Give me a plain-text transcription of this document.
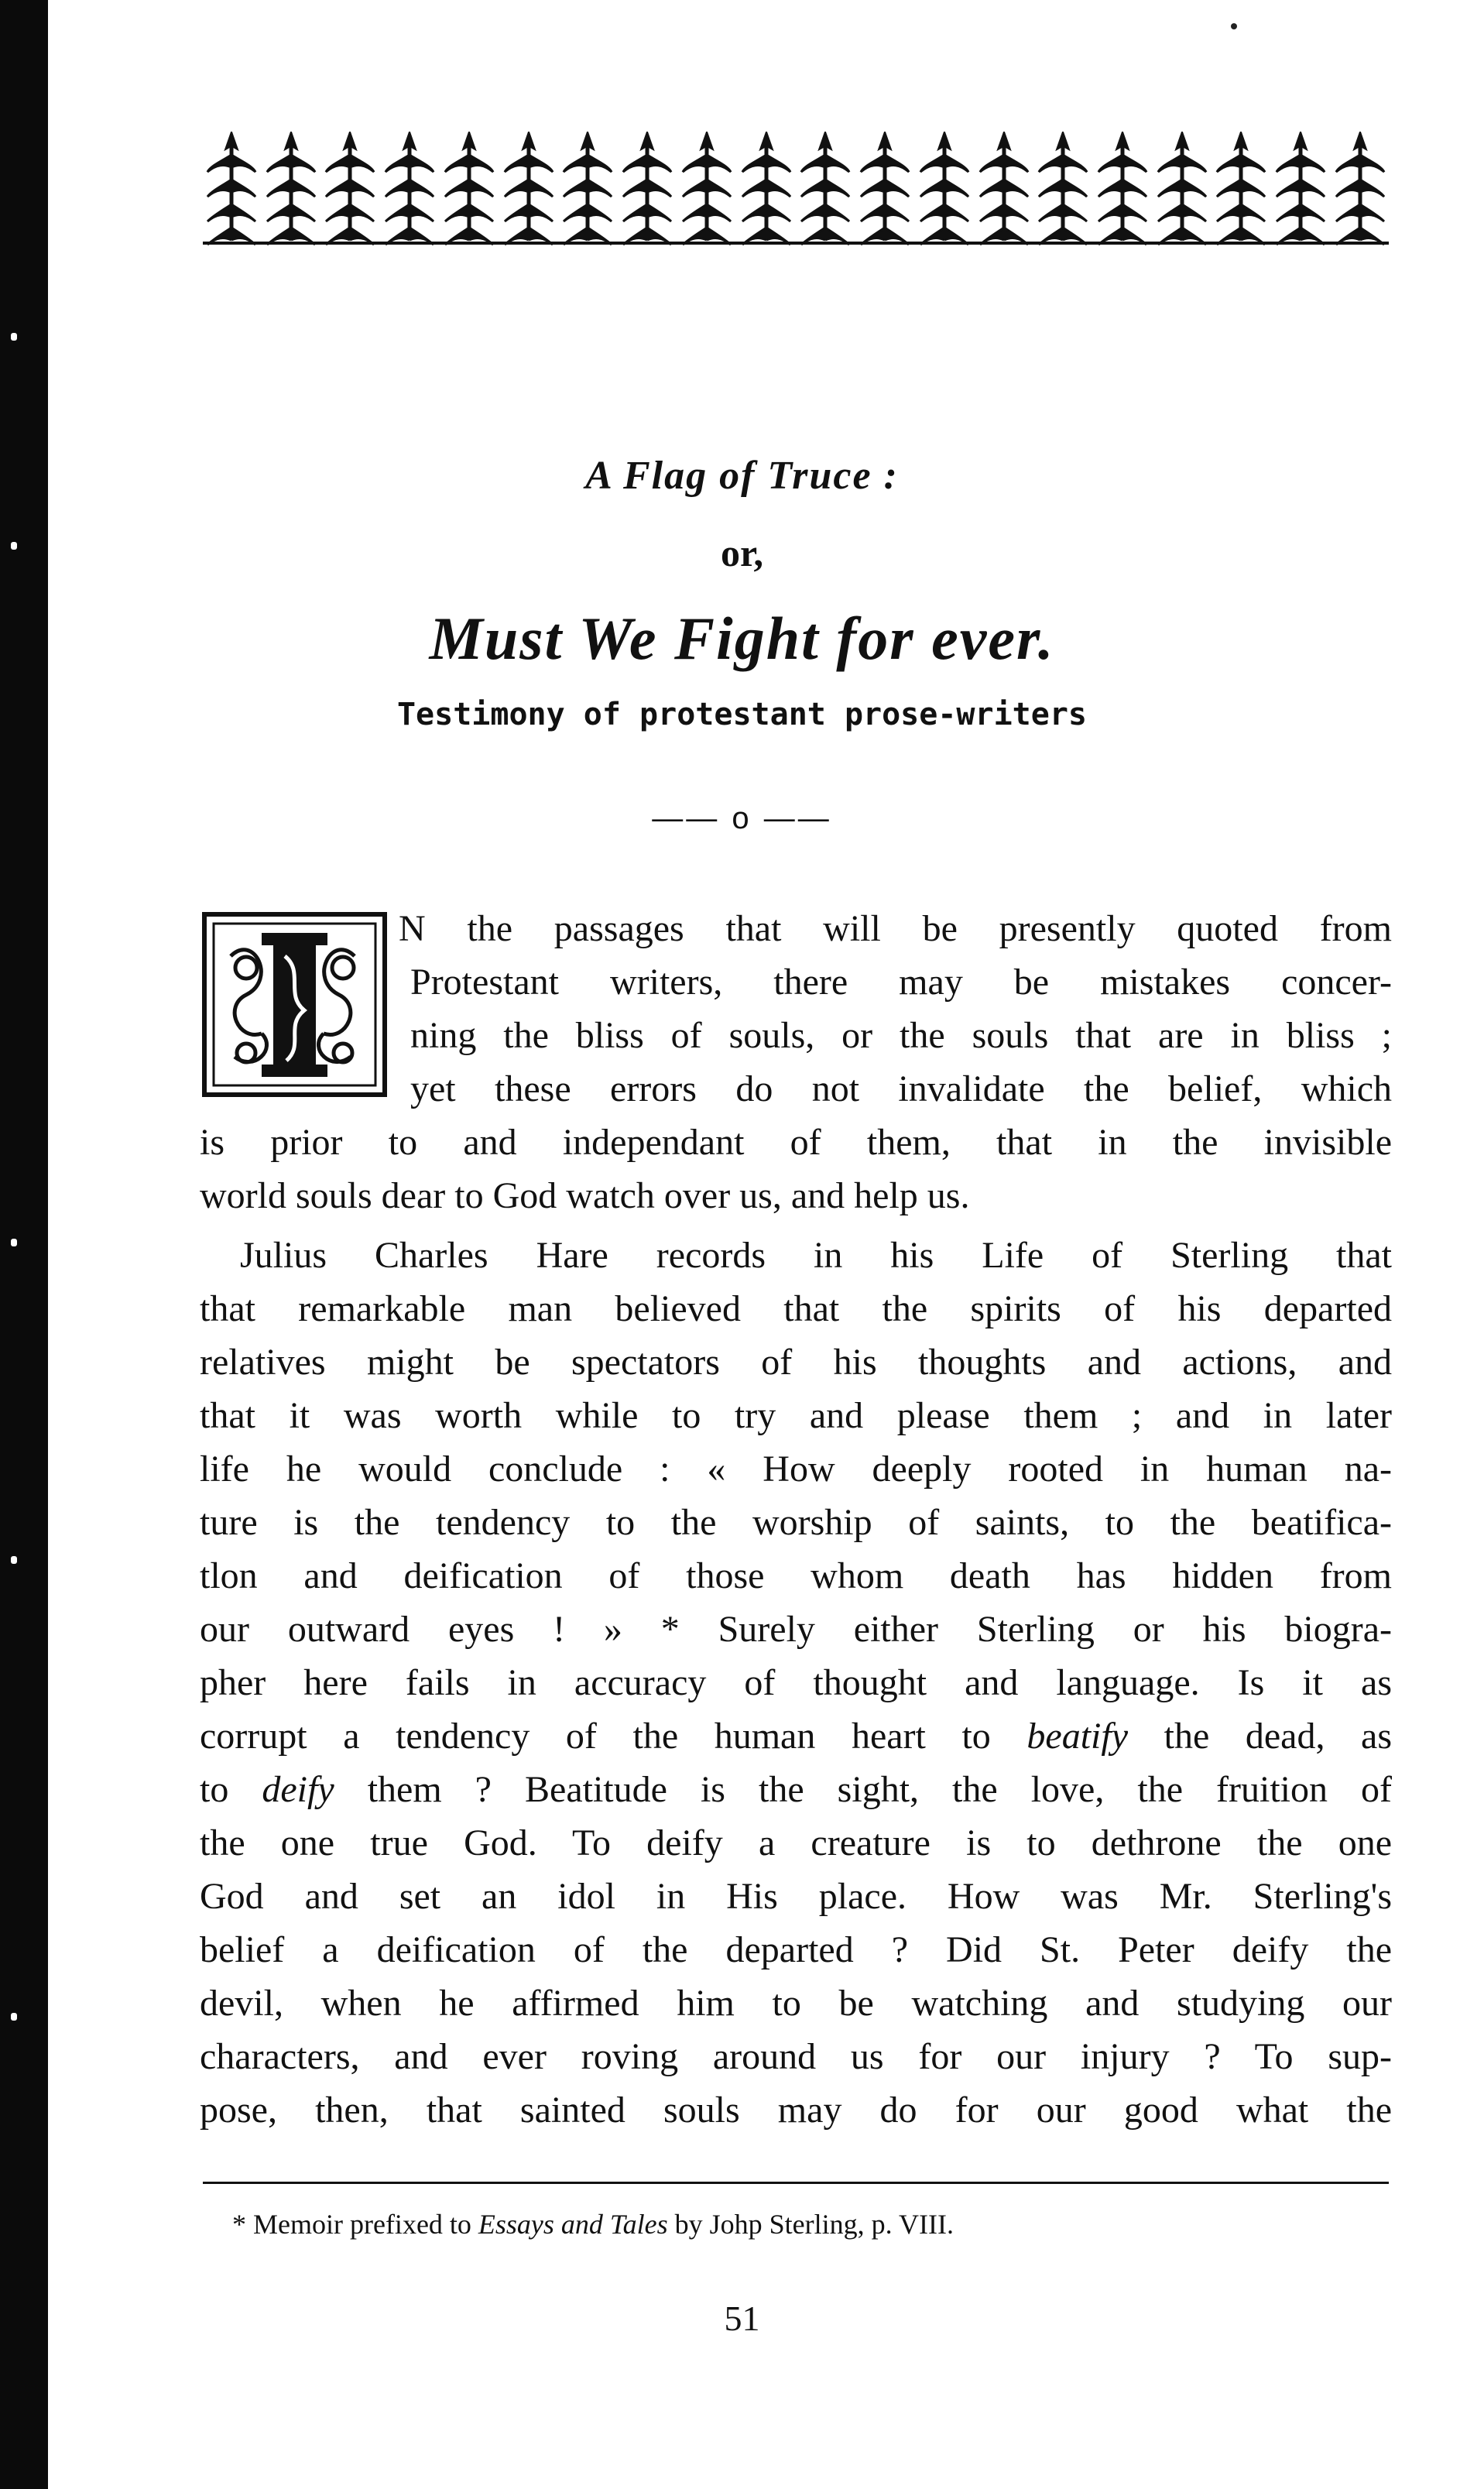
A Flag of Truce :
or,
Must We Fight for ever.
Testimony of protestant prose-writers
—— o ——
N the passages that will be presently quoted from
Protestant writers, there may be mistakes concer-
ning the bliss of souls, or the souls that are in bliss ;
yet these errors do not invalidate the belief, which
is prior to and independant of them, that in the invisible
world souls dear to God watch over us, and help us.
Julius Charles Hare records in his Life of Sterling that
that remarkable man believed that the spirits of his departed
relatives might be spectators of his thoughts and actions, and
that it was worth while to try and please them ; and in later
life he would conclude : « How deeply rooted in human na-
ture is the tendency to the worship of saints, to the beatifica-
tlon and deification of those whom death has hidden from
our outward eyes ! » * Surely either Sterling or his biogra-
pher here fails in accuracy of thought and language. Is it as
corrupt a tendency of the human heart to beatify the dead, as
to deify them ? Beatitude is the sight, the love, the fruition of
the one true God. To deify a creature is to dethrone the one
God and set an idol in His place. How was Mr. Sterling's
belief a deification of the departed ? Did St. Peter deify the
devil, when he affirmed him to be watching and studying our
characters, and ever roving around us for our injury ? To sup-
pose, then, that sainted souls may do for our good what the
* Memoir prefixed to Essays and Tales by Johp Sterling, p. VIII.
51
